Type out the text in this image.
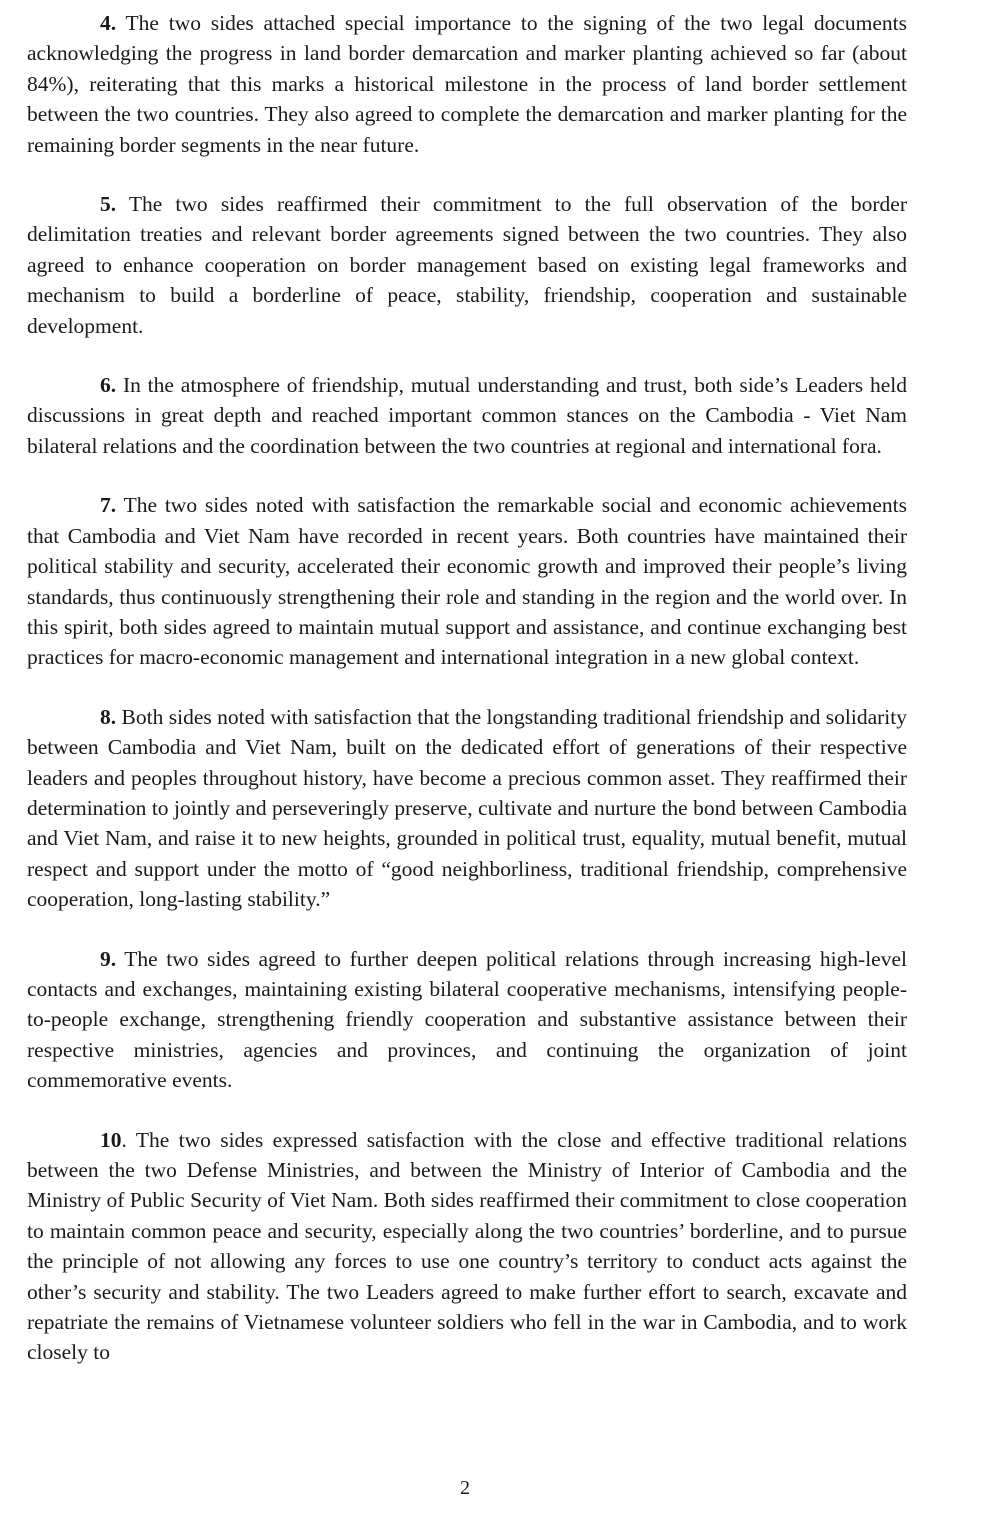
4. The two sides attached special importance to the signing of the two legal documents acknowledging the progress in land border demarcation and marker planting achieved so far (about 84%), reiterating that this marks a historical milestone in the process of land border settlement between the two countries. They also agreed to complete the demarcation and marker planting for the remaining border segments in the near future.

5. The two sides reaffirmed their commitment to the full observation of the border delimitation treaties and relevant border agreements signed between the two countries. They also agreed to enhance cooperation on border management based on existing legal frameworks and mechanism to build a borderline of peace, stability, friendship, cooperation and sustainable development.

6. In the atmosphere of friendship, mutual understanding and trust, both side’s Leaders held discussions in great depth and reached important common stances on the Cambodia - Viet Nam bilateral relations and the coordination between the two countries at regional and international fora.

7. The two sides noted with satisfaction the remarkable social and economic achievements that Cambodia and Viet Nam have recorded in recent years. Both countries have maintained their political stability and security, accelerated their economic growth and improved their people’s living standards, thus continuously strengthening their role and standing in the region and the world over. In this spirit, both sides agreed to maintain mutual support and assistance, and continue exchanging best practices for macro-economic management and international integration in a new global context.

8. Both sides noted with satisfaction that the longstanding traditional friendship and solidarity between Cambodia and Viet Nam, built on the dedicated effort of generations of their respective leaders and peoples throughout history, have become a precious common asset. They reaffirmed their determination to jointly and perseveringly preserve, cultivate and nurture the bond between Cambodia and Viet Nam, and raise it to new heights, grounded in political trust, equality, mutual benefit, mutual respect and support under the motto of “good neighborliness, traditional friendship, comprehensive cooperation, long-lasting stability.”

9. The two sides agreed to further deepen political relations through increasing high-level contacts and exchanges, maintaining existing bilateral cooperative mechanisms, intensifying people-to-people exchange, strengthening friendly cooperation and substantive assistance between their respective ministries, agencies and provinces, and continuing the organization of joint commemorative events.

10. The two sides expressed satisfaction with the close and effective traditional relations between the two Defense Ministries, and between the Ministry of Interior of Cambodia and the Ministry of Public Security of Viet Nam. Both sides reaffirmed their commitment to close cooperation to maintain common peace and security, especially along the two countries’ borderline, and to pursue the principle of not allowing any forces to use one country’s territory to conduct acts against the other’s security and stability. The two Leaders agreed to make further effort to search, excavate and repatriate the remains of Vietnamese volunteer soldiers who fell in the war in Cambodia, and to work closely to

2
